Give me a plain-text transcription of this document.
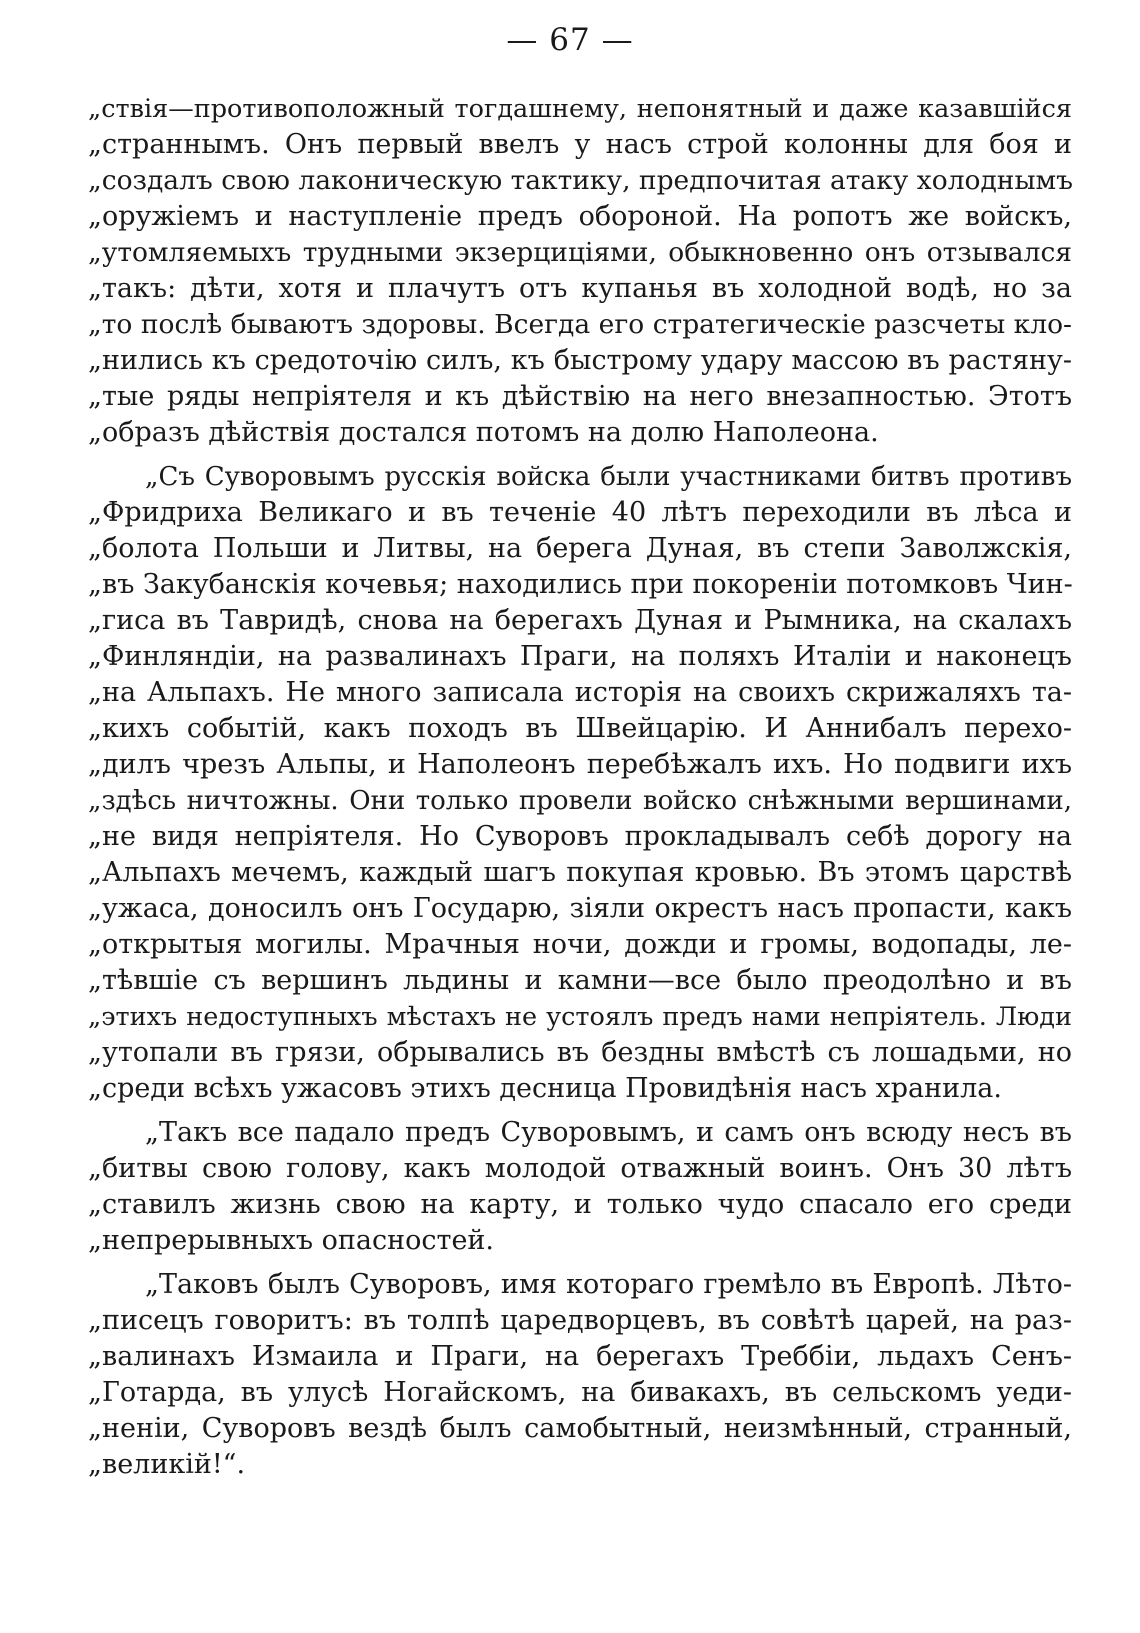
— 67 —
„ствія—противоположный тогдашнему, непонятный и даже казавшійся
„страннымъ. Онъ первый ввелъ у насъ строй колонны для боя и
„создалъ свою лаконическую тактику, предпочитая атаку холоднымъ
„оружіемъ и наступленіе предъ обороной. На ропотъ же войскъ,
„утомляемыхъ трудными экзерциціями, обыкновенно онъ отзывался
„такъ: дѣти, хотя и плачутъ отъ купанья въ холодной водѣ, но за
„то послѣ бываютъ здоровы. Всегда его стратегическіе разсчеты кло-
„нились къ средоточію силъ, къ быстрому удару массою въ растяну-
„тые ряды непріятеля и къ дѣйствію на него внезапностью. Этотъ
„образъ дѣйствія достался потомъ на долю Наполеона.
„Съ Суворовымъ русскія войска были участниками битвъ противъ
„Фридриха Великаго и въ теченіе 40 лѣтъ переходили въ лѣса и
„болота Польши и Литвы, на берега Дуная, въ степи Заволжскія,
„въ Закубанскія кочевья; находились при покореніи потомковъ Чин-
„гиса въ Тавридѣ, снова на берегахъ Дуная и Рымника, на скалахъ
„Финляндіи, на развалинахъ Праги, на поляхъ Италіи и наконецъ
„на Альпахъ. Не много записала исторія на своихъ скрижаляхъ та-
„кихъ событій, какъ походъ въ Швейцарію. И Аннибалъ перехо-
„дилъ чрезъ Альпы, и Наполеонъ перебѣжалъ ихъ. Но подвиги ихъ
„здѣсь ничтожны. Они только провели войско снѣжными вершинами,
„не видя непріятеля. Но Суворовъ прокладывалъ себѣ дорогу на
„Альпахъ мечемъ, каждый шагъ покупая кровью. Въ этомъ царствѣ
„ужаса, доносилъ онъ Государю, зіяли окрестъ насъ пропасти, какъ
„открытыя могилы. Мрачныя ночи, дожди и громы, водопады, ле-
„тѣвшіе съ вершинъ льдины и камни—все было преодолѣно и въ
„этихъ недоступныхъ мѣстахъ не устоялъ предъ нами непріятель. Люди
„утопали въ грязи, обрывались въ бездны вмѣстѣ съ лошадьми, но
„среди всѣхъ ужасовъ этихъ десница Провидѣнія насъ хранила.
„Такъ все падало предъ Суворовымъ, и самъ онъ всюду несъ въ
„битвы свою голову, какъ молодой отважный воинъ. Онъ 30 лѣтъ
„ставилъ жизнь свою на карту, и только чудо спасало его среди
„непрерывныхъ опасностей.
„Таковъ былъ Суворовъ, имя котораго гремѣло въ Европѣ. Лѣто-
„писецъ говоритъ: въ толпѣ царедворцевъ, въ совѣтѣ царей, на раз-
„валинахъ Измаила и Праги, на берегахъ Треббіи, льдахъ Сенъ-
„Готарда, въ улусѣ Ногайскомъ, на бивакахъ, въ сельскомъ уеди-
„неніи, Суворовъ вездѣ былъ самобытный, неизмѣнный, странный,
„великій!“.
